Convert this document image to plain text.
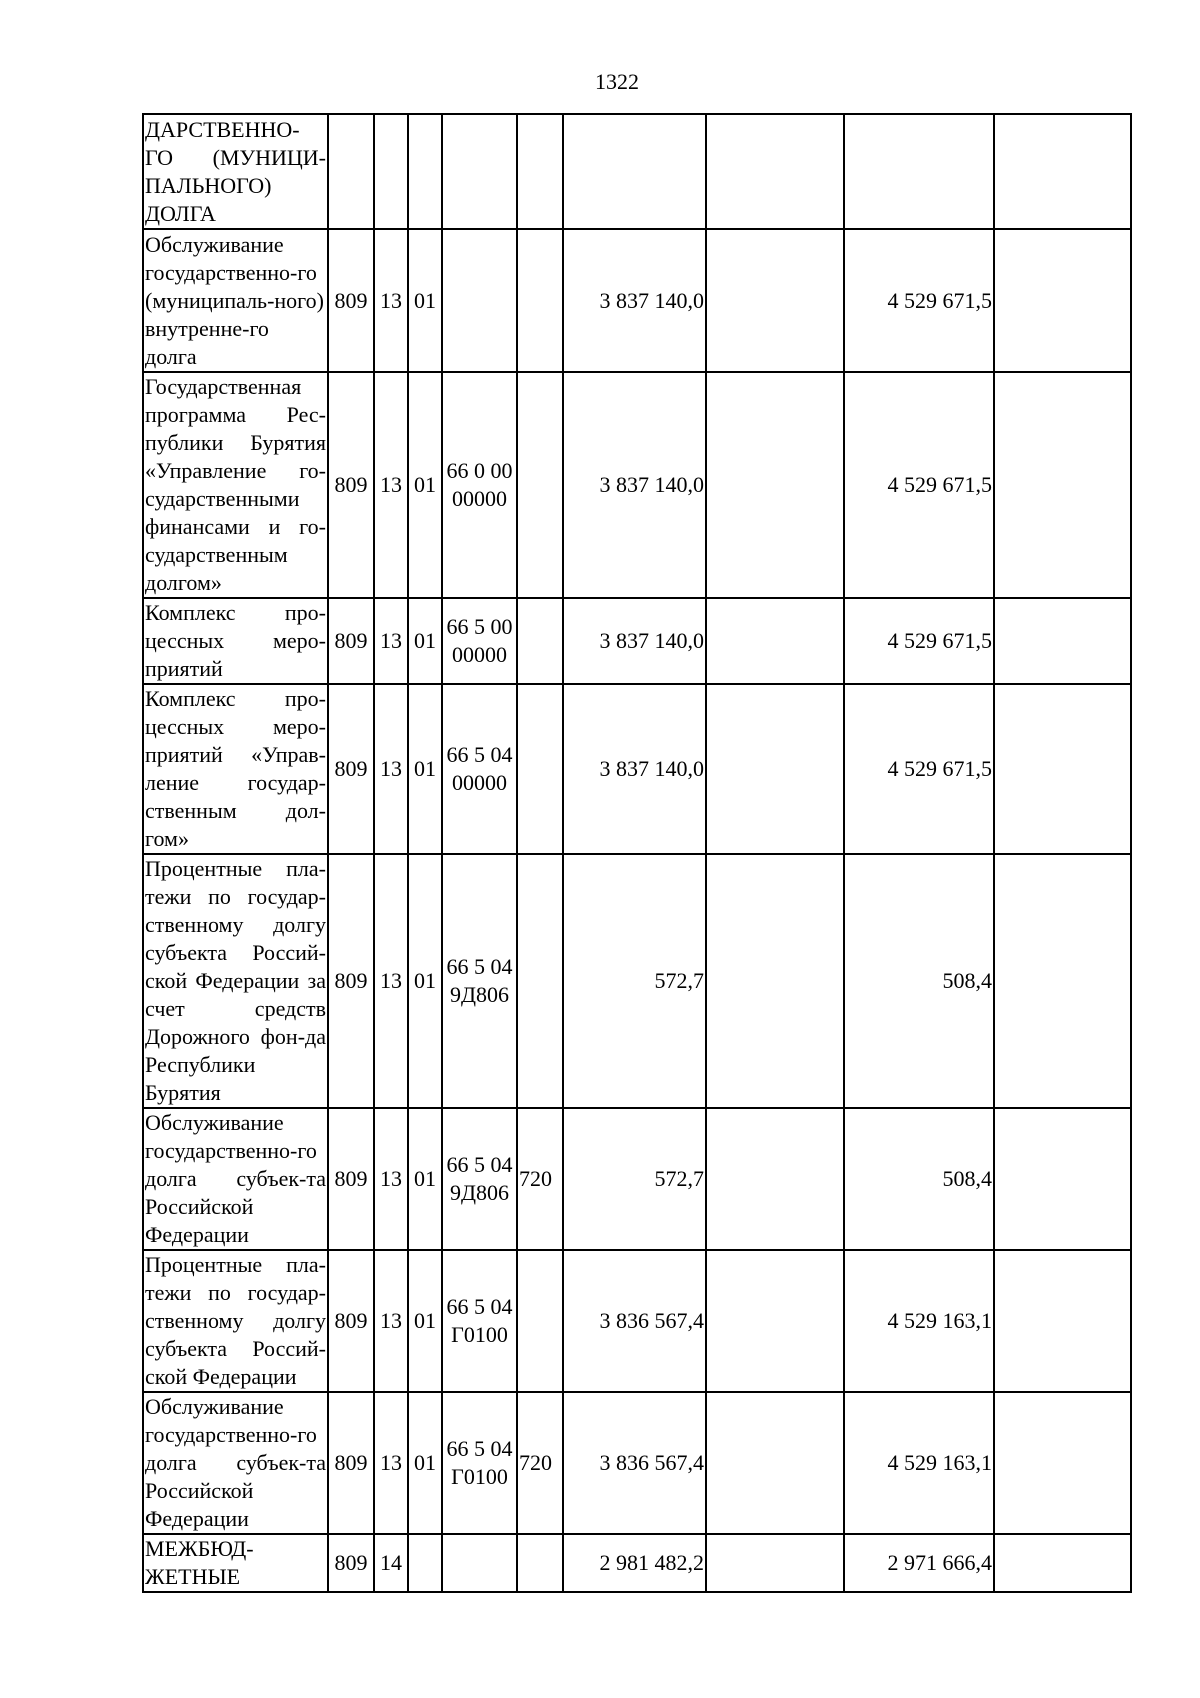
1322
ДАРСТВЕННО-ГО (МУНИЦИ-ПАЛЬНОГО) ДОЛГА									
Обслуживание государственно-го (муниципаль-ного) внутренне-го долга	809	13	01			3 837 140,0		4 529 671,5	
Государственная программа Рес-публики Бурятия «Управление го-сударственными финансами и го-сударственным долгом»	809	13	01	66 0 00 00000		3 837 140,0		4 529 671,5	
Комплекс про-цессных меро-приятий	809	13	01	66 5 00 00000		3 837 140,0		4 529 671,5	
Комплекс про-цессных меро-приятий «Управ-ление государ-ственным дол-гом»	809	13	01	66 5 04 00000		3 837 140,0		4 529 671,5	
Процентные пла-тежи по государ-ственному долгу субъекта Россий-ской Федерации за счет средств Дорожного фон-да Республики Бурятия	809	13	01	66 5 04 9Д806		572,7		508,4	
Обслуживание государственно-го долга субъек-та Российской Федерации	809	13	01	66 5 04 9Д806	720	572,7		508,4	
Процентные пла-тежи по государ-ственному долгу субъекта Россий-ской Федерации	809	13	01	66 5 04 Г0100		3 836 567,4		4 529 163,1	
Обслуживание государственно-го долга субъек-та Российской Федерации	809	13	01	66 5 04 Г0100	720	3 836 567,4		4 529 163,1	
МЕЖБЮД-ЖЕТНЫЕ	809	14				2 981 482,2		2 971 666,4	
